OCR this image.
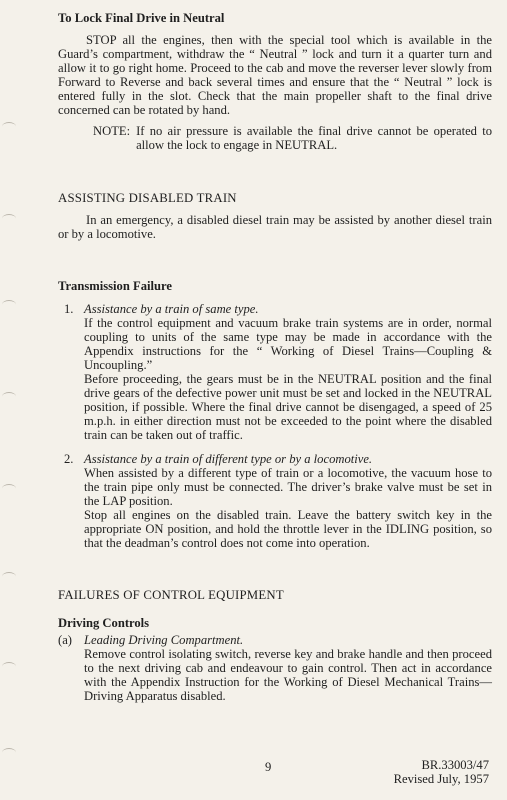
To Lock Final Drive in Neutral

STOP all the engines, then with the special tool which is available in the Guard’s compartment, withdraw the “ Neutral ” lock and turn it a quarter turn and allow it to go right home. Proceed to the cab and move the reverser lever slowly from Forward to Reverse and back several times and ensure that the “ Neutral ” lock is entered fully in the slot. Check that the main propeller shaft to the final drive concerned can be rotated by hand.

NOTE: If no air pressure is available the final drive cannot be operated to allow the lock to engage in NEUTRAL.
ASSISTING DISABLED TRAIN

In an emergency, a disabled diesel train may be assisted by another diesel train or by a locomotive.

Transmission Failure
1. Assistance by a train of same type.

If the control equipment and vacuum brake train systems are in order, normal coupling to units of the same type may be made in accordance with the Appendix instructions for the “ Working of Diesel Trains—Coupling & Uncoupling.”

Before proceeding, the gears must be in the NEUTRAL position and the final drive gears of the defective power unit must be set and locked in the NEUTRAL position, if possible. Where the final drive cannot be disengaged, a speed of 25 m.p.h. in either direction must not be exceeded to the point where the disabled train can be taken out of traffic.

2. Assistance by a train of different type or by a locomotive.

When assisted by a different type of train or a locomotive, the vacuum hose to the train pipe only must be connected. The driver’s brake valve must be set in the LAP position.

Stop all engines on the disabled train. Leave the battery switch key in the appropriate ON position, and hold the throttle lever in the IDLING position, so that the deadman’s control does not come into operation.

FAILURES OF CONTROL EQUIPMENT
Driving Controls
(a) Leading Driving Compartment.

Remove control isolating switch, reverse key and brake handle and then proceed to the next driving cab and endeavour to gain control. Then act in accordance with the Appendix Instruction for the Working of Diesel Mechanical Trains—Driving Apparatus disabled.

9	BR.33003/47
Revised July, 1957
